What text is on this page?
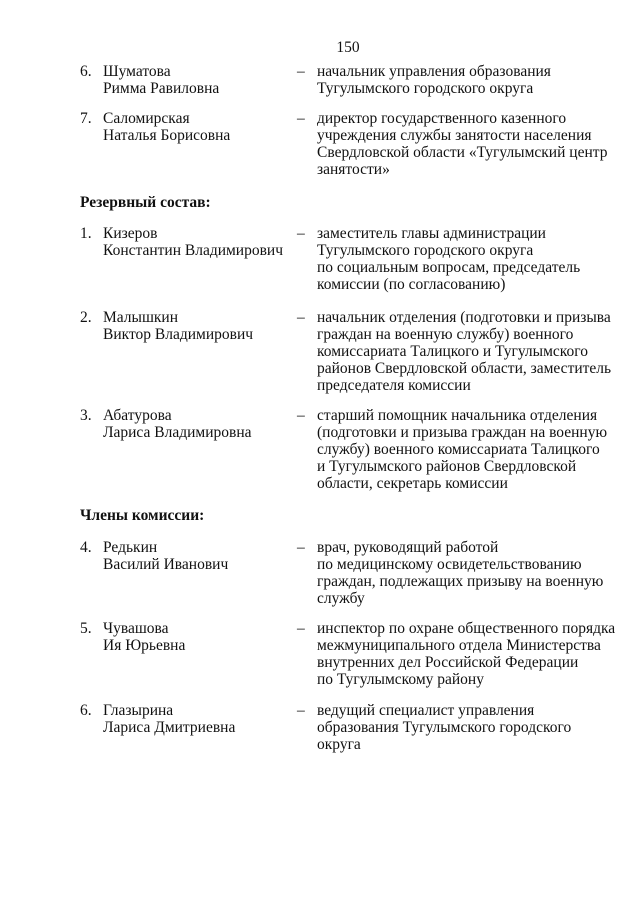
150
6. Шуматова
Римма Равиловна
– начальник управления образования
Тугулымского городского округа
7. Саломирская
Наталья Борисовна
– директор государственного казенного
учреждения службы занятости населения
Свердловской области «Тугулымский центр
занятости»
Резервный состав:
1. Кизеров
Константин Владимирович
– заместитель главы администрации
Тугулымского городского округа
по социальным вопросам, председатель
комиссии (по согласованию)
2. Малышкин
Виктор Владимирович
– начальник отделения (подготовки и призыва
граждан на военную службу) военного
комиссариата Талицкого и Тугулымского
районов Свердловской области, заместитель
председателя комиссии
3. Абатурова
Лариса Владимировна
– старший помощник начальника отделения
(подготовки и призыва граждан на военную
службу) военного комиссариата Талицкого
и Тугулымского районов Свердловской
области, секретарь комиссии
Члены комиссии:
4. Редькин
Василий Иванович
– врач, руководящий работой
по медицинскому освидетельствованию
граждан, подлежащих призыву на военную
службу
5. Чувашова
Ия Юрьевна
– инспектор по охране общественного порядка
межмуниципального отдела Министерства
внутренних дел Российской Федерации
по Тугулымскому району
6. Глазырина
Лариса Дмитриевна
– ведущий специалист управления
образования Тугулымского городского
округа
